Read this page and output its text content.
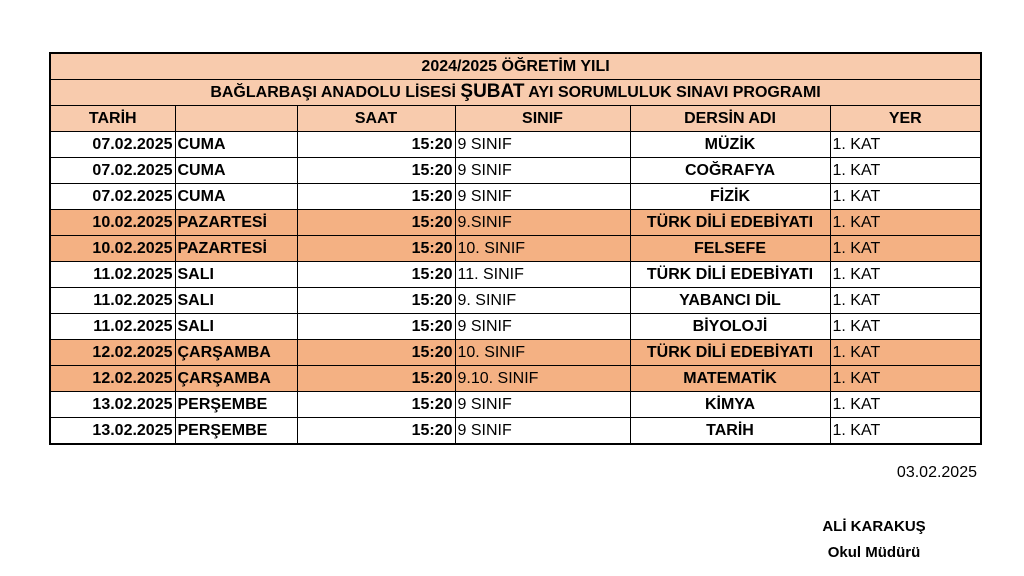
2024/2025 ÖĞRETİM YILI					
BAĞLARBAŞI ANADOLU LİSESİ ŞUBAT AYI SORUMLULUK SINAVI PROGRAMI					
TARİH		SAAT	SINIF	DERSİN ADI	YER
07.02.2025	CUMA	15:20	9 SINIF	MÜZİK	1. KAT
07.02.2025	CUMA	15:20	9 SINIF	COĞRAFYA	1. KAT
07.02.2025	CUMA	15:20	9 SINIF	FİZİK	1. KAT
10.02.2025	PAZARTESİ	15:20	9.SINIF	TÜRK DİLİ EDEBİYATI	1. KAT
10.02.2025	PAZARTESİ	15:20	10. SINIF	FELSEFE	1. KAT
11.02.2025	SALI	15:20	11. SINIF	TÜRK DİLİ EDEBİYATI	1. KAT
11.02.2025	SALI	15:20	9. SINIF	YABANCI DİL	1. KAT
11.02.2025	SALI	15:20	9 SINIF	BİYOLOJİ	1. KAT
12.02.2025	ÇARŞAMBA	15:20	10. SINIF	TÜRK DİLİ EDEBİYATI	1. KAT
12.02.2025	ÇARŞAMBA	15:20	9.10. SINIF	MATEMATİK	1. KAT
13.02.2025	PERŞEMBE	15:20	9 SINIF	KİMYA	1. KAT
13.02.2025	PERŞEMBE	15:20	9 SINIF	TARİH	1. KAT
03.02.2025
ALİ KARAKUŞ
Okul Müdürü
